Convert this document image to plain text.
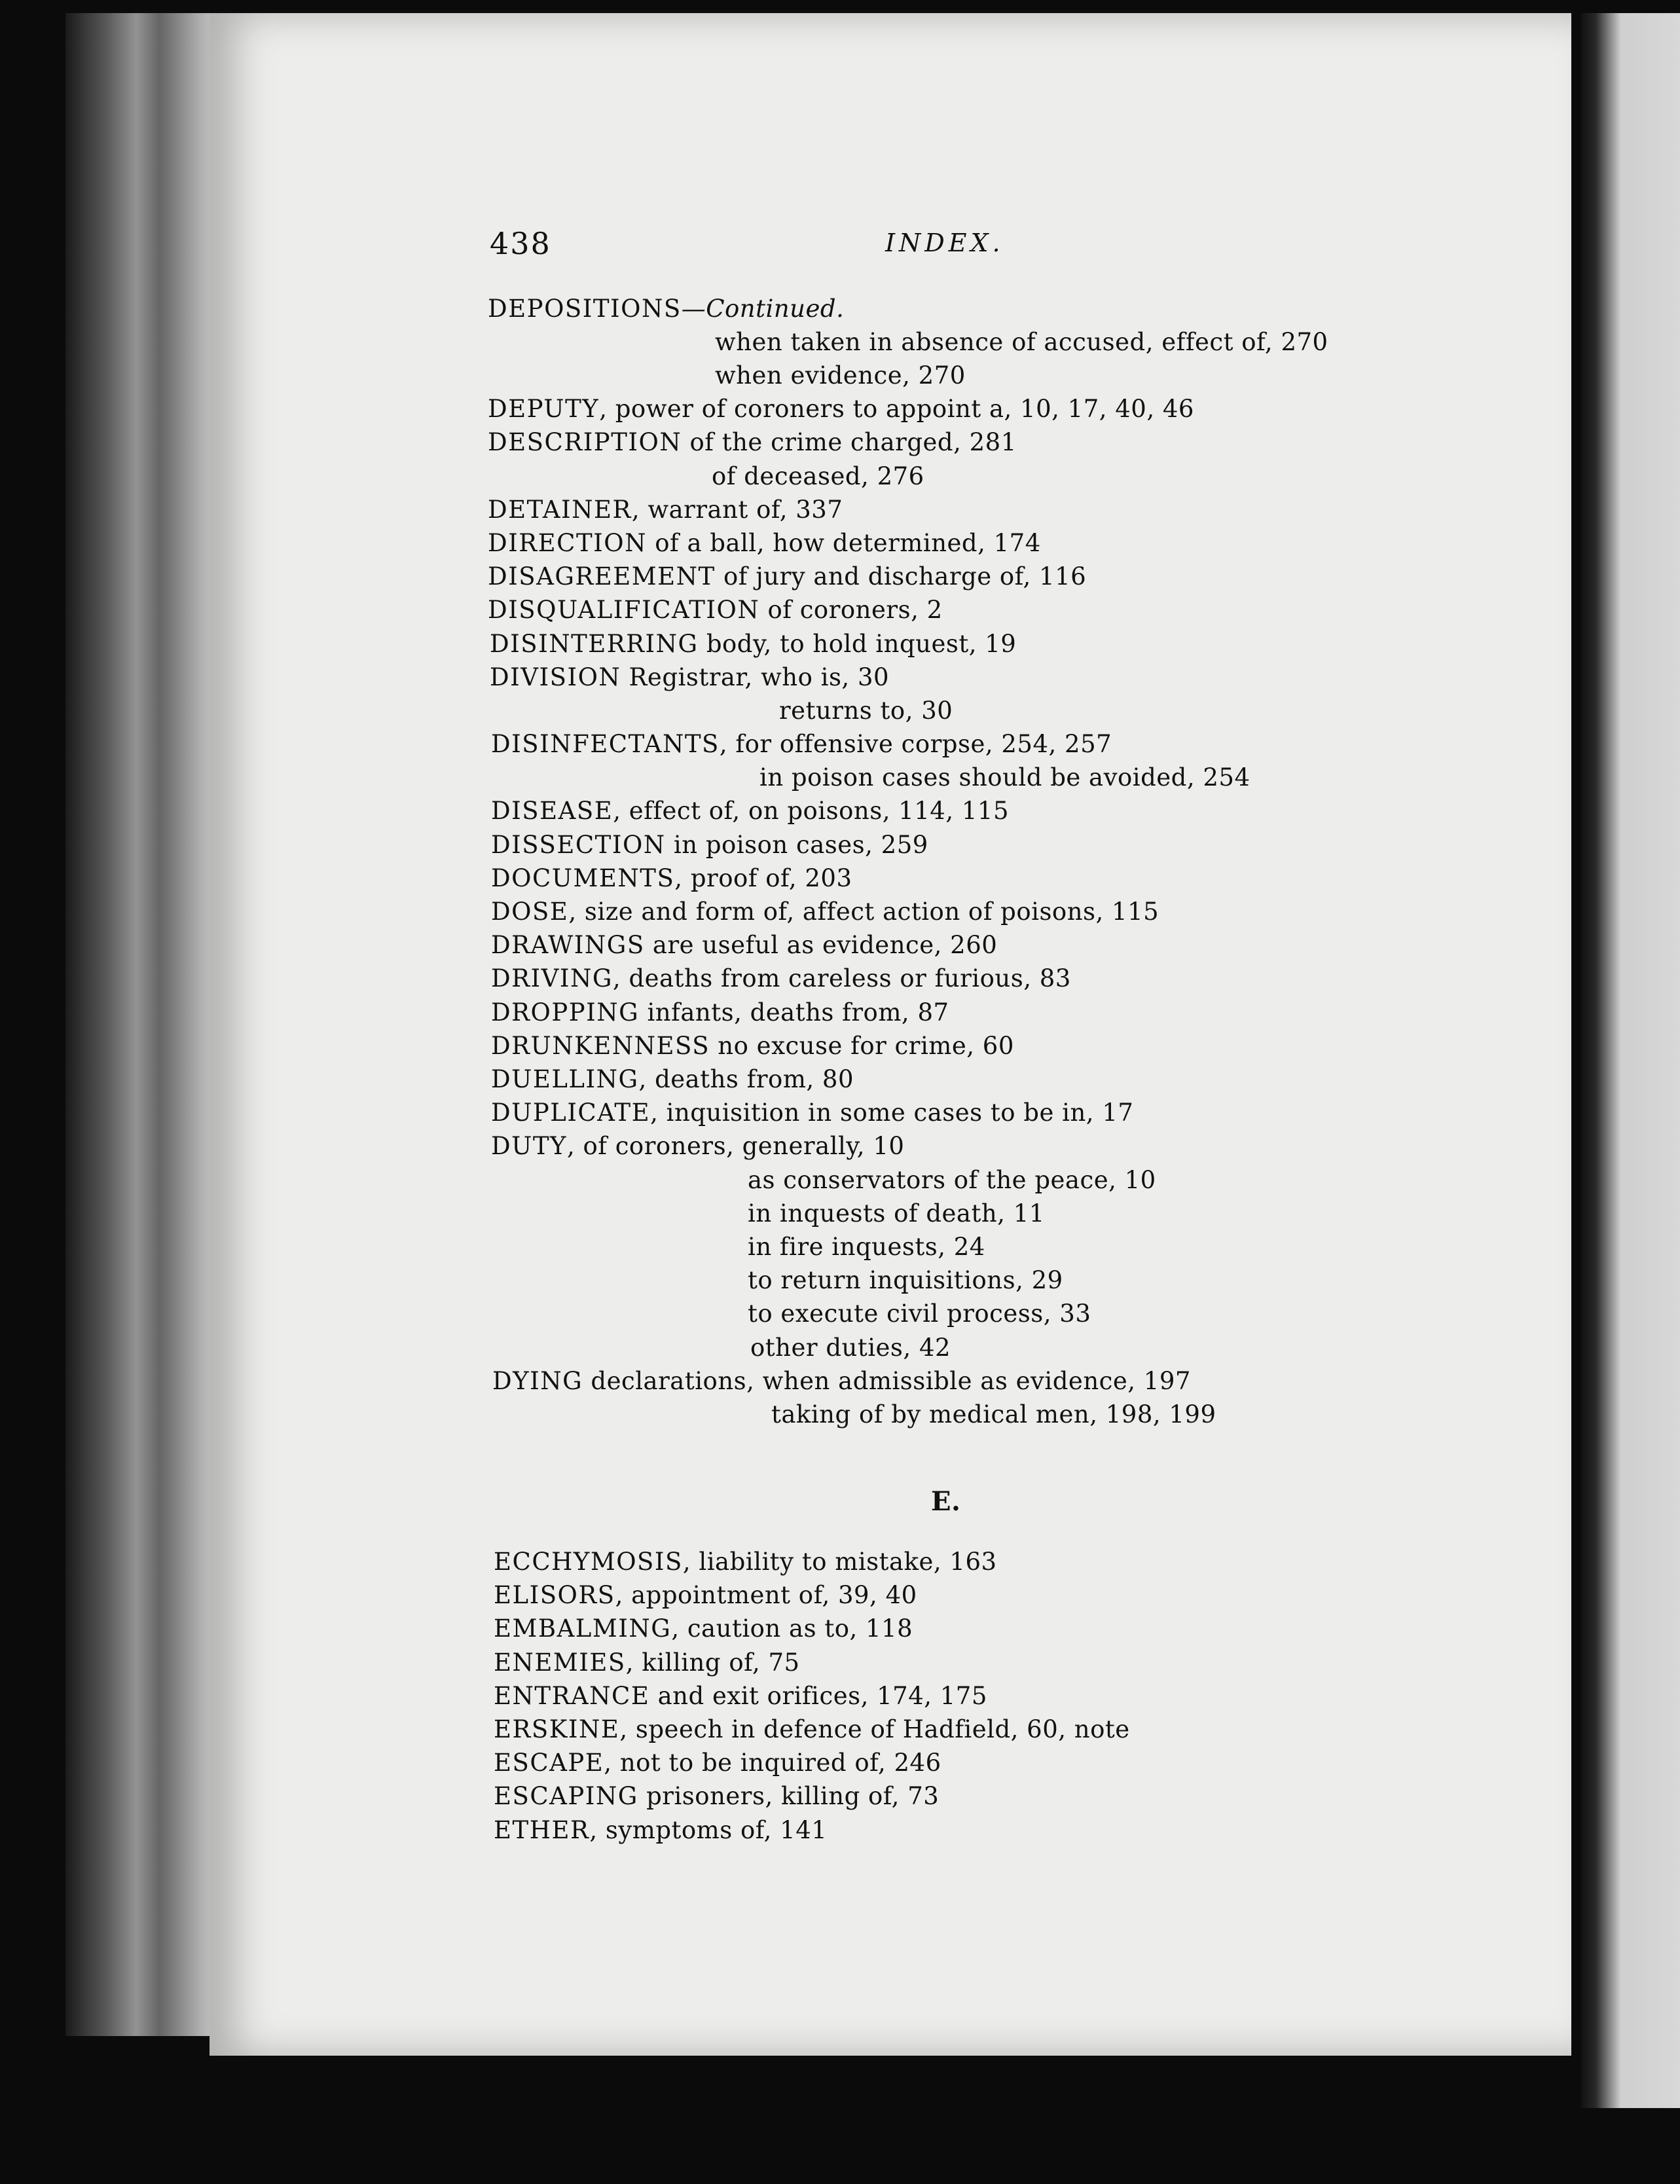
438	INDEX.
DEPOSITIONS—Continued.
when taken in absence of accused, effect of, 270
when evidence, 270
DEPUTY, power of coroners to appoint a, 10, 17, 40, 46
DESCRIPTION of the crime charged, 281
of deceased, 276
DETAINER, warrant of, 337
DIRECTION of a ball, how determined, 174
DISAGREEMENT of jury and discharge of, 116
DISQUALIFICATION of coroners, 2
DISINTERRING body, to hold inquest, 19
DIVISION Registrar, who is, 30
returns to, 30
DISINFECTANTS, for offensive corpse, 254, 257
in poison cases should be avoided, 254
DISEASE, effect of, on poisons, 114, 115
DISSECTION in poison cases, 259
DOCUMENTS, proof of, 203
DOSE, size and form of, affect action of poisons, 115
DRAWINGS are useful as evidence, 260
DRIVING, deaths from careless or furious, 83
DROPPING infants, deaths from, 87
DRUNKENNESS no excuse for crime, 60
DUELLING, deaths from, 80
DUPLICATE, inquisition in some cases to be in, 17
DUTY, of coroners, generally, 10
as conservators of the peace, 10
in inquests of death, 11
in fire inquests, 24
to return inquisitions, 29
to execute civil process, 33
other duties, 42
DYING declarations, when admissible as evidence, 197
taking of by medical men, 198, 199
E.
ECCHYMOSIS, liability to mistake, 163
ELISORS, appointment of, 39, 40
EMBALMING, caution as to, 118
ENEMIES, killing of, 75
ENTRANCE and exit orifices, 174, 175
ERSKINE, speech in defence of Hadfield, 60, note
ESCAPE, not to be inquired of, 246
ESCAPING prisoners, killing of, 73
ETHER, symptoms of, 141
